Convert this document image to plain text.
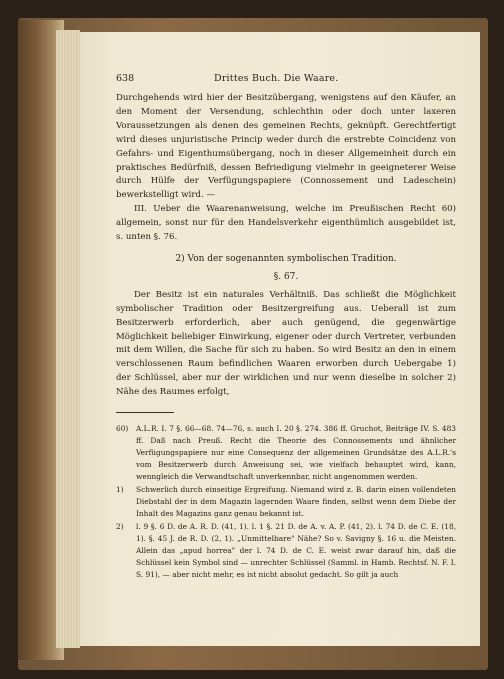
638	Drittes Buch. Die Waare.

Durchgehends wird hier der Besitzübergang, wenigstens auf den Käufer, an den Moment der Versendung, schlechthin oder doch unter laxeren Voraussetzungen als denen des gemeinen Rechts, geknüpft. Gerechtfertigt wird dieses unjuristische Princip weder durch die erstrebte Coincidenz von Gefahrs- und Eigenthumsübergang, noch in dieser Allgemeinheit durch ein praktisches Bedürfniß, dessen Befriedigung vielmehr in geeigneterer Weise durch Hülfe der Verfügungspapiere (Connossement und Ladeschein) bewerkstelligt wird. —

III. Ueber die Waarenanweisung, welche im Preußischen Recht 60) allgemein, sonst nur für den Handelsverkehr eigenthümlich ausgebildet ist, s. unten §. 76.

2) Von der sogenannten symbolischen Tradition.
§. 67.

Der Besitz ist ein naturales Verhältniß. Das schließt die Möglichkeit symbolischer Tradition oder Besitzergreifung aus. Ueberall ist zum Besitzerwerb erforderlich, aber auch genügend, die gegenwärtige Möglichkeit beliebiger Einwirkung, eigener oder durch Vertreter, verbunden mit dem Willen, die Sache für sich zu haben. So wird Besitz an den in einem verschlossenen Raum befindlichen Waaren erworben durch Uebergabe 1) der Schlüssel, aber nur der wirklichen und nur wenn dieselbe in solcher 2) Nähe des Raumes erfolgt,

60)	A.L.R. I. 7 §. 66—68. 74—76, s. auch I. 20 §. 274. 386 ff. Gruchot, Beiträge IV. S. 483 ff. Daß nach Preuß. Recht die Theorie des Connossements und ähnlicher Verfügungspapiere nur eine Consequenz der allgemeinen Grundsätze des A.L.R.'s vom Besitzerwerb durch Anweisung sei, wie vielfach behauptet wird, kann, wenngleich die Verwandtschaft unverkennbar, nicht angenommen werden.
1)	Schwerlich durch einseitige Ergreifung. Niemand wird z. B. darin einen vollendeten Diebstahl der in dem Magazin lagernden Waare finden, selbst wenn dem Diebe der Inhalt des Magazins ganz genau bekannt ist.
2)	l. 9 §. 6 D. de A. R. D. (41, 1). l. 1 §. 21 D. de A. v. A. P. (41, 2). l. 74 D. de C. E. (18, 1). §. 45 J. de R. D. (2, 1). „Unmittelbare" Nähe? So v. Savigny §. 16 u. die Meisten. Allein das „apud horrea" der l. 74 D. de C. E. weist zwar darauf hin, daß die Schlüssel kein Symbol sind — unrechter Schlüssel (Samml. in Hamb. Rechtsf. N. F. I. S. 91), — aber nicht mehr, es ist nicht absolut gedacht. So gilt ja auch
